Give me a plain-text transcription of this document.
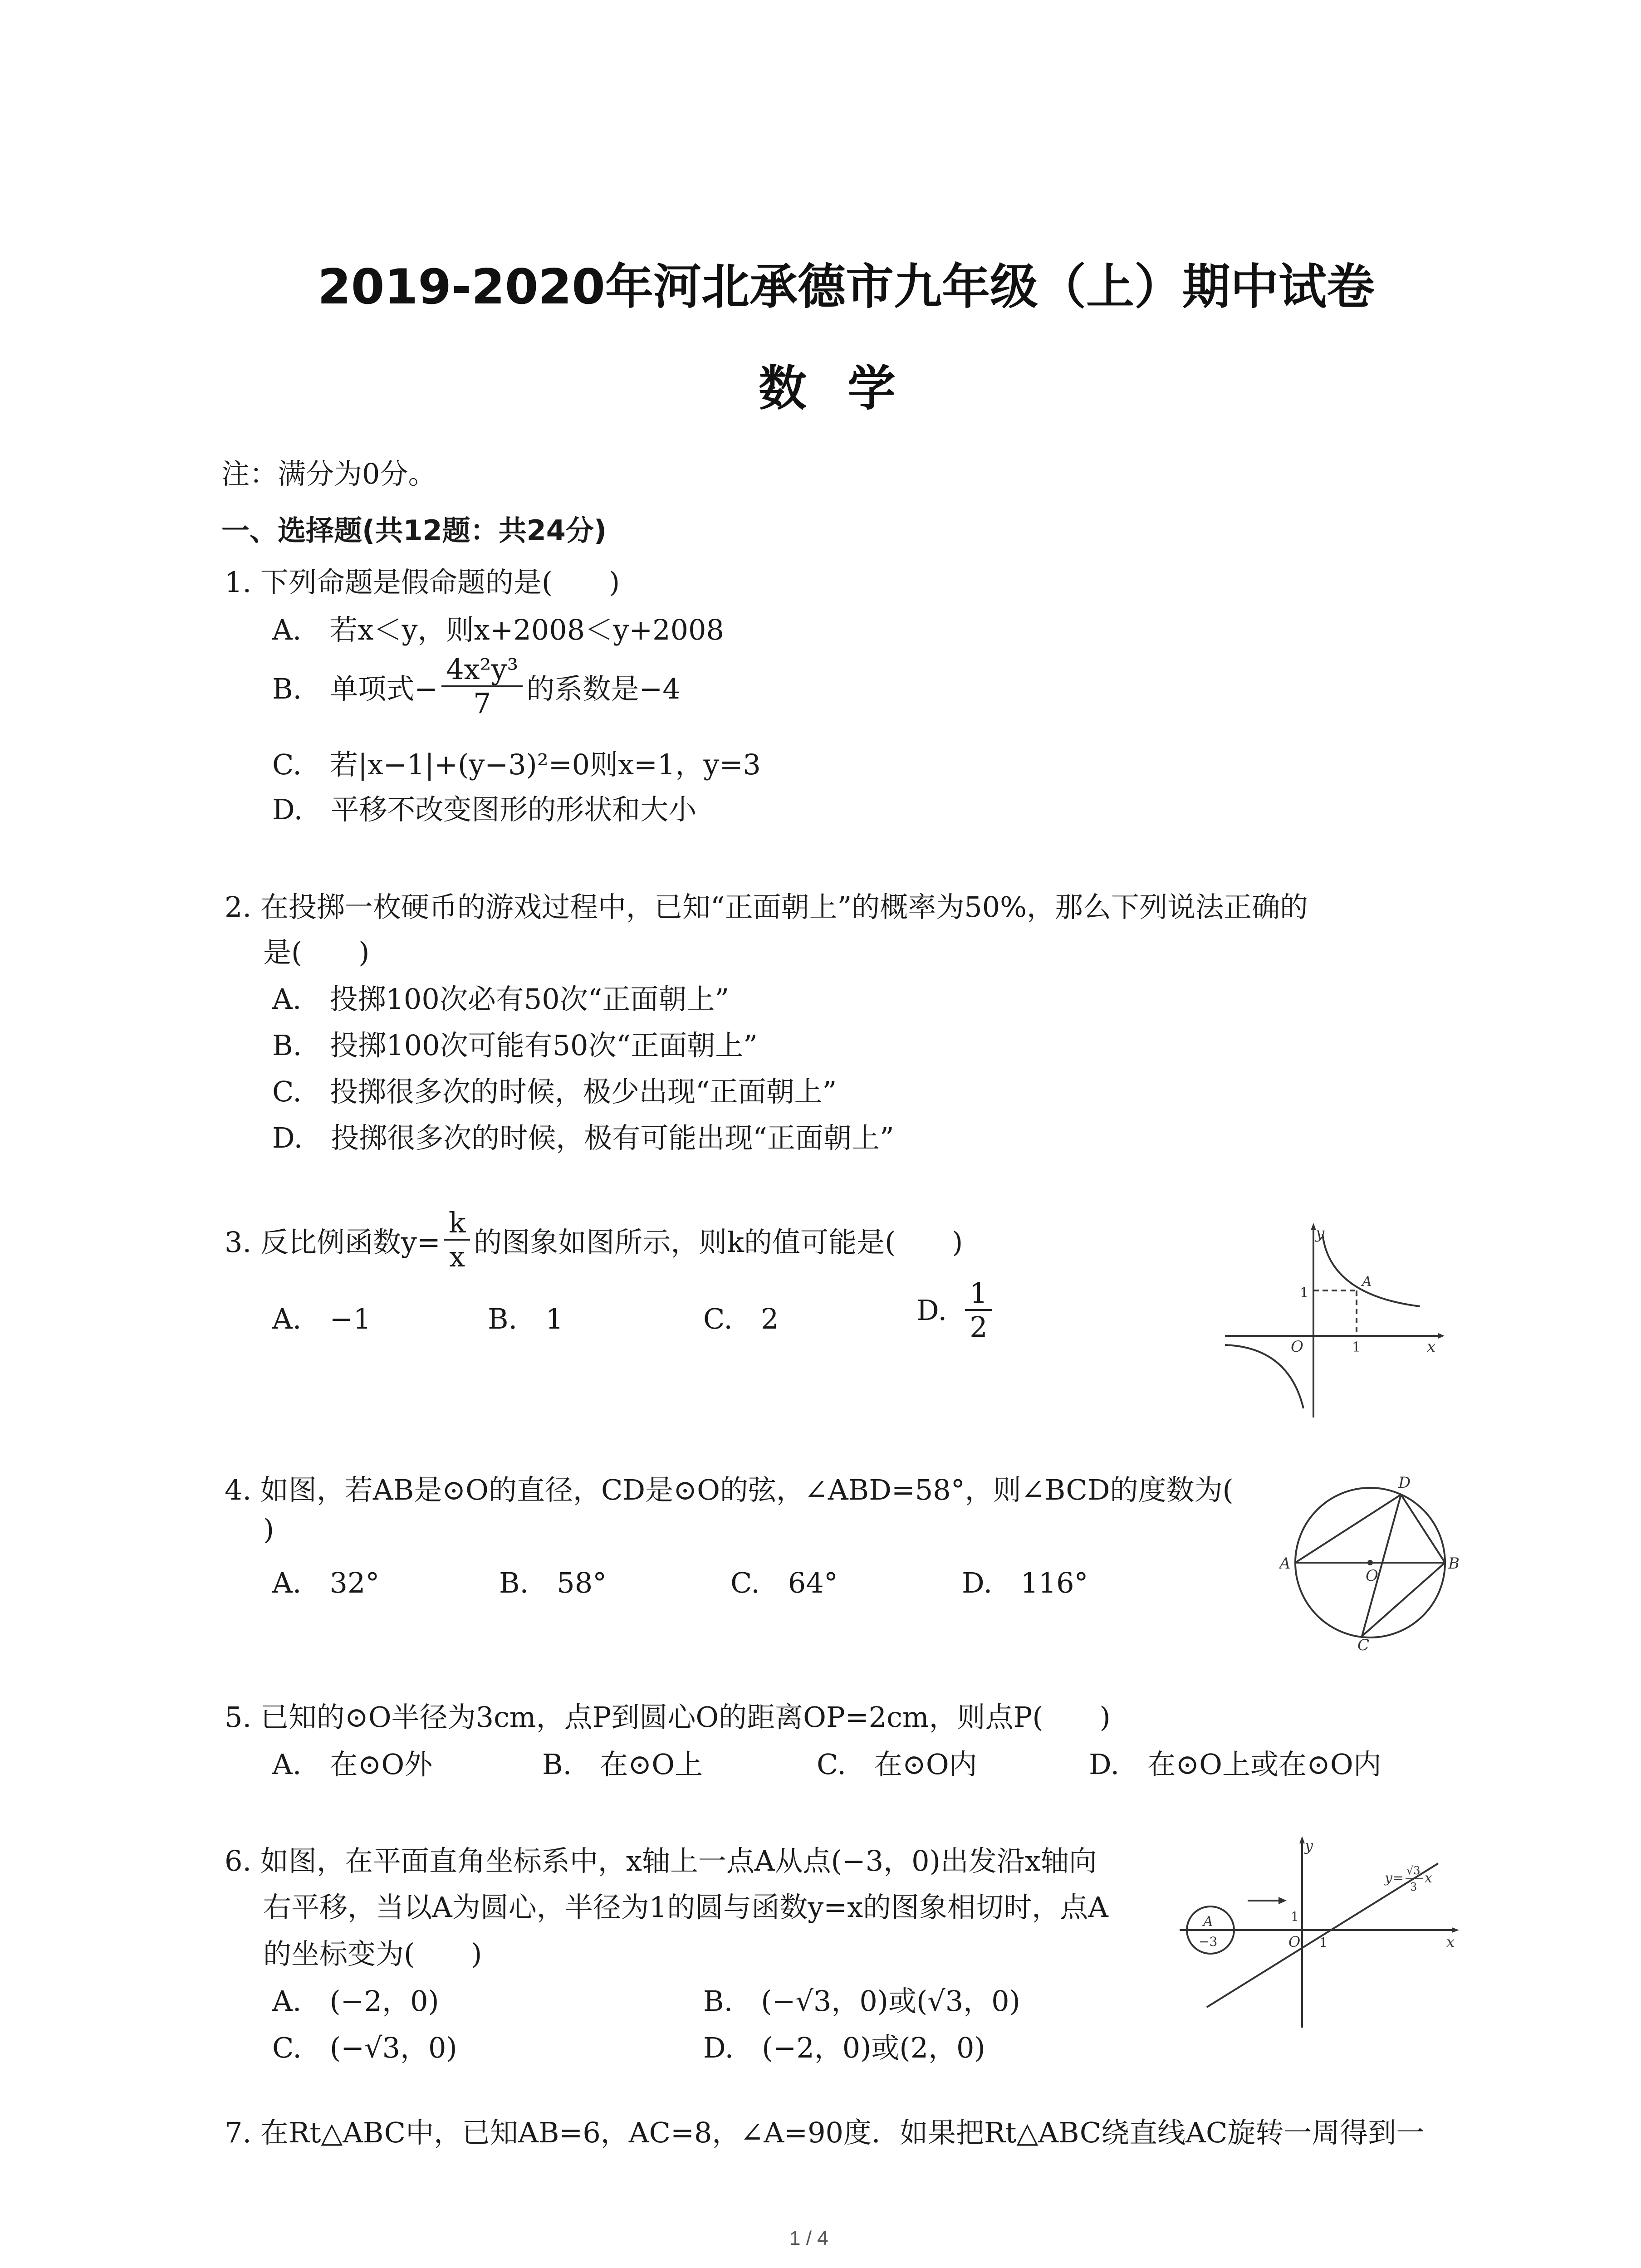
2019-2020年河北承德市九年级（上）期中试卷
数学
注：满分为0分。
一、选择题(共12题：共24分)
1. 下列命题是假命题的是(　　)
A.　若x＜y，则x+2008＜y+2008
B.　单项式− $\frac{\text{4x²y³}}{7}$ 的系数是−4
C.　若|x−1|+(y−3)²=0则x=1，y=3
D.　平移不改变图形的形状和大小
2. 在投掷一枚硬币的游戏过程中，已知“正面朝上”的概率为50%，那么下列说法正确的
是(　　)
A.　投掷100次必有50次“正面朝上”
B.　投掷100次可能有50次“正面朝上”
C.　投掷很多次的时候，极少出现“正面朝上”
D.　投掷很多次的时候，极有可能出现“正面朝上”
3. 反比例函数$y= \frac{k}{x}$ 的图象如图所示，则k的值可能是(　　)
A.　−1	B.　1	C.　2	D. $\frac{1}{2}$
y
x
O
1
1
A
4. 如图，若AB是⊙O的直径，CD是⊙O的弦，∠ABD=58°，则∠BCD的度数为(
)
A.　32°	B.　58°	C.　64°	D.　116°
A	B
C
D
O
5. 已知的⊙O半径为3cm，点P到圆心O的距离OP=2cm，则点P(　　)
A.　在⊙O外	B.　在⊙O上	C.　在⊙O内	D.　在⊙O上或在⊙O内
6. 如图，在平面直角坐标系中，x轴上一点A从点(−3，0)出发沿x轴向
右平移，当以A为圆心，半径为1的圆与函数y=x的图象相切时，点A
的坐标变为(　　)
A.　(−2，0)	B.　(−√3，0)或(√3，0)
C.　(−√3，0)	D.　(−2，0)或(2，0)
y
x
O
1
1
A
−3
y= √3
3
x
7. 在Rt△ABC中，已知AB=6，AC=8，∠A=90度．如果把Rt△ABC绕直线AC旋转一周得到一
1 / 4
